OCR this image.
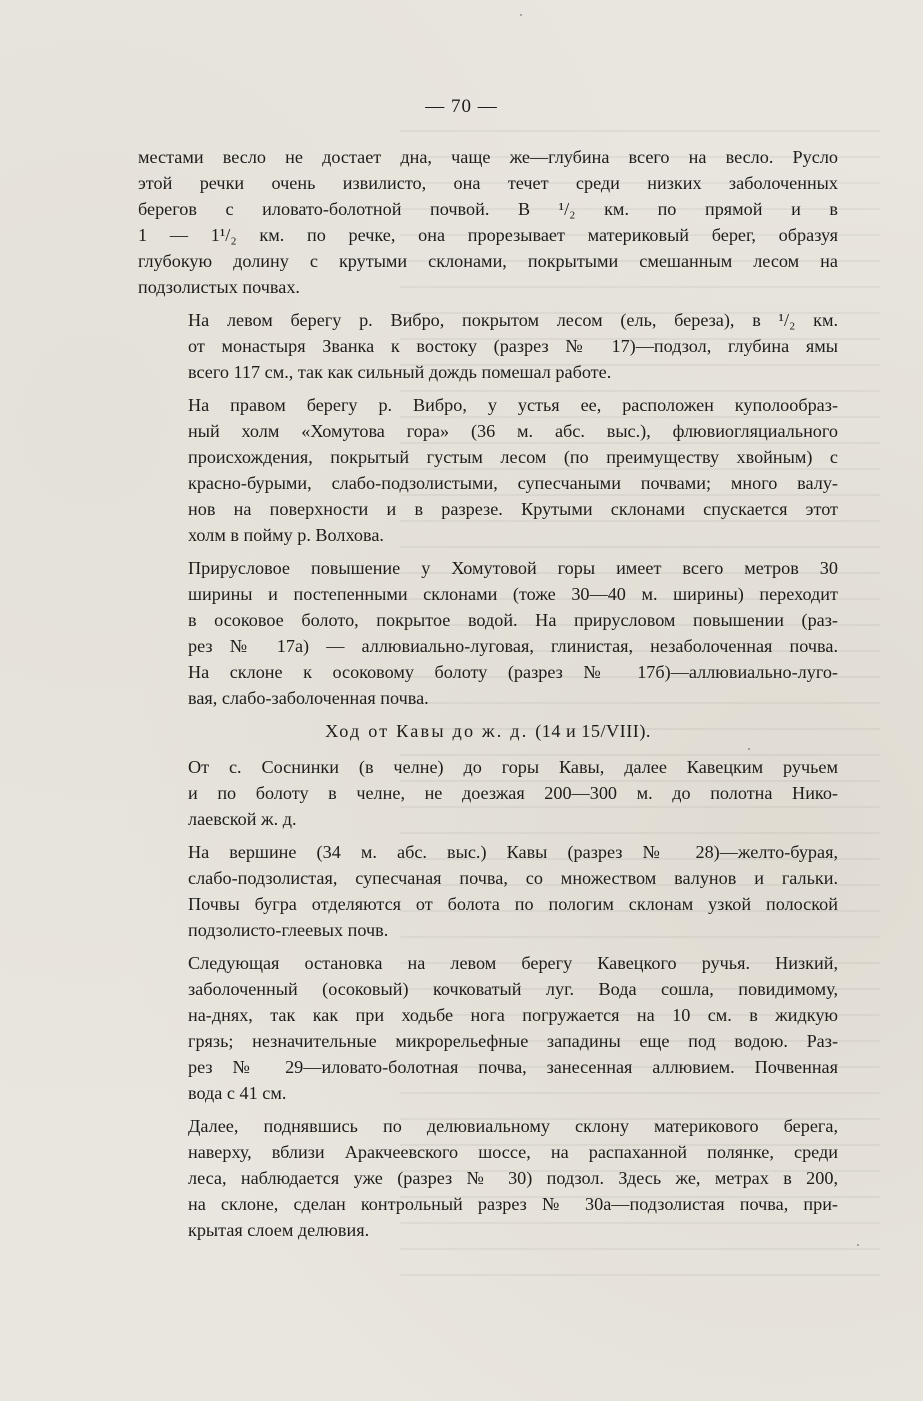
— 70 —

местами весло не достает дна, чаще же—глубина всего на весло. Русло
этой речки очень извилисто, она течет среди низких заболоченных
берегов с иловато-болотной почвой. В ¹/₂ км. по прямой и в
1 — 1¹/₂ км. по речке, она прорезывает материковый берег, образуя
глубокую долину с крутыми склонами, покрытыми смешанным лесом на
подзолистых почвах.

На левом берегу р. Вибро, покрытом лесом (ель, береза), в ¹/₂ км.
от монастыря Званка к востоку (разрез № 17)—подзол, глубина ямы
всего 117 см., так как сильный дождь помешал работе.

На правом берегу р. Вибро, у устья ее, расположен куполообраз-
ный холм «Хомутова гора» (36 м. абс. выс.), флювиогляциального
происхождения, покрытый густым лесом (по преимуществу хвойным) с
красно-бурыми, слабо-подзолистыми, супесчаными почвами; много валу-
нов на поверхности и в разрезе. Крутыми склонами спускается этот
холм в пойму р. Волхова.

Прирусловое повышение у Хомутовой горы имеет всего метров 30
ширины и постепенными склонами (тоже 30—40 м. ширины) переходит
в осоковое болото, покрытое водой. На прирусловом повышении (раз-
рез № 17а) — аллювиально-луговая, глинистая, незаболоченная почва.
На склоне к осоковому болоту (разрез № 17б)—аллювиально-луго-
вая, слабо-заболоченная почва.

Ход от Кавы до ж. д. (14 и 15/VIII).

От с. Соснинки (в челне) до горы Кавы, далее Кавецким ручьем
и по болоту в челне, не доезжая 200—300 м. до полотна Нико-
лаевской ж. д.

На вершине (34 м. абс. выс.) Кавы (разрез № 28)—желто-бурая,
слабо-подзолистая, супесчаная почва, со множеством валунов и гальки.
Почвы бугра отделяются от болота по пологим склонам узкой полоской
подзолисто-глеевых почв.

Следующая остановка на левом берегу Кавецкого ручья. Низкий,
заболоченный (осоковый) кочковатый луг. Вода сошла, повидимому,
на-днях, так как при ходьбе нога погружается на 10 см. в жидкую
грязь; незначительные микрорельефные западины еще под водою. Раз-
рез № 29—иловато-болотная почва, занесенная аллювием. Почвенная
вода с 41 см.

Далее, поднявшись по делювиальному склону материкового берега,
наверху, вблизи Аракчеевского шоссе, на распаханной полянке, среди
леса, наблюдается уже (разрез № 30) подзол. Здесь же, метрах в 200,
на склоне, сделан контрольный разрез № 30а—подзолистая почва, при-
крытая слоем делювия.
